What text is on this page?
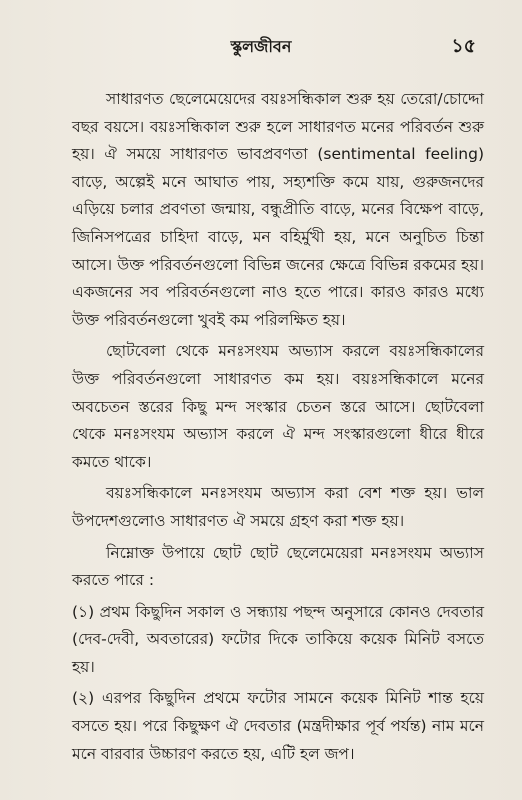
স্কুলজীবন	১৫

সাধারণত ছেলেমেয়েদের বয়ঃসন্ধিকাল শুরু হয় তেরো/চোদ্দো বছর বয়সে। বয়ঃসন্ধিকাল শুরু হলে সাধারণত মনের পরিবর্তন শুরু হয়। ঐ সময়ে সাধারণত ভাবপ্রবণতা (sentimental feeling) বাড়ে, অল্পেই মনে আঘাত পায়, সহ্যশক্তি কমে যায়, গুরুজনদের এড়িয়ে চলার প্রবণতা জন্মায়, বন্ধুপ্রীতি বাড়ে, মনের বিক্ষেপ বাড়ে, জিনিসপত্রের চাহিদা বাড়ে, মন বহির্মুখী হয়, মনে অনুচিত চিন্তা আসে। উক্ত পরিবর্তনগুলো বিভিন্ন জনের ক্ষেত্রে বিভিন্ন রকমের হয়। একজনের সব পরিবর্তনগুলো নাও হতে পারে। কারও কারও মধ্যে উক্ত পরিবর্তনগুলো খুবই কম পরিলক্ষিত হয়।

ছোটবেলা থেকে মনঃসংযম অভ্যাস করলে বয়ঃসন্ধিকালের উক্ত পরিবর্তনগুলো সাধারণত কম হয়। বয়ঃসন্ধিকালে মনের অবচেতন স্তরের কিছু মন্দ সংস্কার চেতন স্তরে আসে। ছোটবেলা থেকে মনঃসংযম অভ্যাস করলে ঐ মন্দ সংস্কারগুলো ধীরে ধীরে কমতে থাকে।

বয়ঃসন্ধিকালে মনঃসংযম অভ্যাস করা বেশ শক্ত হয়। ভাল উপদেশগুলোও সাধারণত ঐ সময়ে গ্রহণ করা শক্ত হয়।

নিম্নোক্ত উপায়ে ছোট ছোট ছেলেমেয়েরা মনঃসংযম অভ্যাস করতে পারে :

(১) প্রথম কিছুদিন সকাল ও সন্ধ্যায় পছন্দ অনুসারে কোনও দেবতার (দেব-দেবী, অবতারের) ফটোর দিকে তাকিয়ে কয়েক মিনিট বসতে হয়।

(২) এরপর কিছুদিন প্রথমে ফটোর সামনে কয়েক মিনিট শান্ত হয়ে বসতে হয়। পরে কিছুক্ষণ ঐ দেবতার (মন্ত্রদীক্ষার পূর্ব পর্যন্ত) নাম মনে মনে বারবার উচ্চারণ করতে হয়, এটি হল জপ।
